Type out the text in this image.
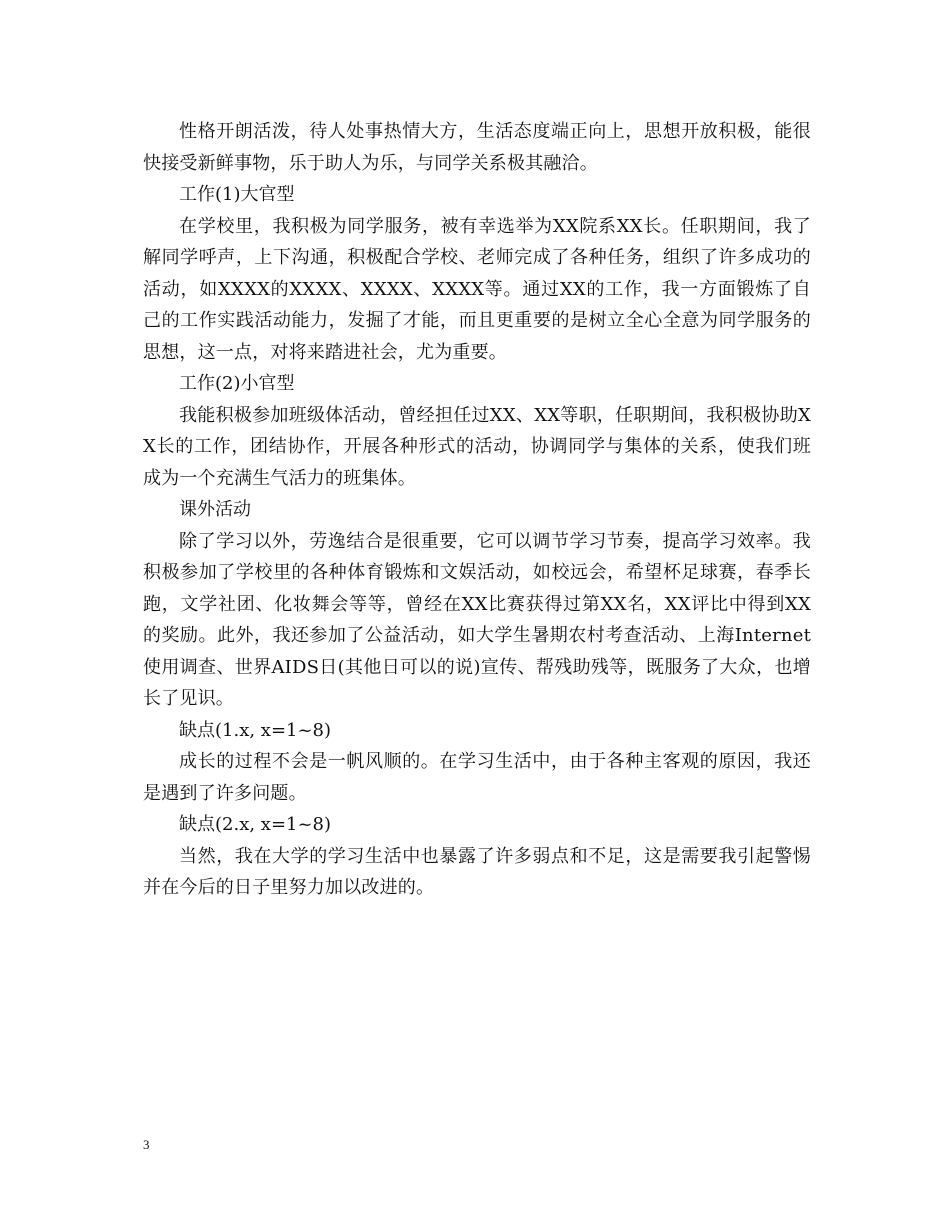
性格开朗活泼，待人处事热情大方，生活态度端正向上，思想开放积极，能很快接受新鲜事物，乐于助人为乐，与同学关系极其融洽。

工作(1)大官型

在学校里，我积极为同学服务，被有幸选举为XX院系XX长。任职期间，我了解同学呼声，上下沟通，积极配合学校、老师完成了各种任务，组织了许多成功的活动，如XXXX的XXXX、XXXX、XXXX等。通过XX的工作，我一方面锻炼了自己的工作实践活动能力，发掘了才能，而且更重要的是树立全心全意为同学服务的思想，这一点，对将来踏进社会，尤为重要。

工作(2)小官型

我能积极参加班级体活动，曾经担任过XX、XX等职，任职期间，我积极协助XX长的工作，团结协作，开展各种形式的活动，协调同学与集体的关系，使我们班成为一个充满生气活力的班集体。

课外活动

除了学习以外，劳逸结合是很重要，它可以调节学习节奏，提高学习效率。我积极参加了学校里的各种体育锻炼和文娱活动，如校远会，希望杯足球赛，春季长跑，文学社团、化妆舞会等等，曾经在XX比赛获得过第XX名，XX评比中得到XX的奖励。此外，我还参加了公益活动，如大学生暑期农村考查活动、上海Internet使用调查、世界AIDS日(其他日可以的说)宣传、帮残助残等，既服务了大众，也增长了见识。

缺点(1.x, x=1~8)

成长的过程不会是一帆风顺的。在学习生活中，由于各种主客观的原因，我还是遇到了许多问题。

缺点(2.x, x=1~8)

当然，我在大学的学习生活中也暴露了许多弱点和不足，这是需要我引起警惕并在今后的日子里努力加以改进的。

3
